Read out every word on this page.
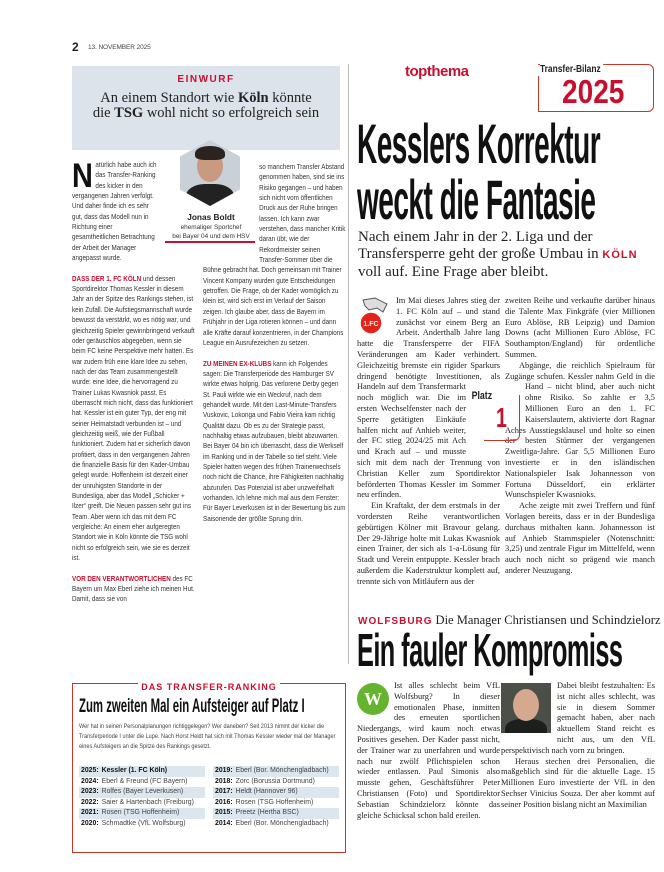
2 13. NOVEMBER 2025
EINWURF
An einem Standort wie Köln könnte
die TSG wohl nicht so erfolgreich sein
Jonas Boldt
ehemaliger Sportchef
bei Bayer 04 und dem HSV

Natürlich habe auch ich das Transfer-Ranking des kicker in den vergangenen Jahren verfolgt. Und daher finde ich es sehr gut, dass das Modell nun in Richtung einer gesamtheitlichen Betrachtung der Arbeit der Manager angepasst wurde.

DASS DER 1. FC KÖLN und dessen Sportdirektor Thomas Kessler in diesem Jahr an der Spitze des Rankings stehen, ist kein Zufall. Die Aufstiegsmannschaft wurde bewusst da verstärkt, wo es nötig war, und gleichzeitig Spieler gewinnbringend verkauft oder geräuschlos abgegeben, wenn sie beim FC keine Perspektive mehr hatten. Es war zudem früh eine klare Idee zu sehen, nach der das Team zusammengestellt wurde: eine Idee, die hervorragend zu Trainer Lukas Kwasniok passt. Es überrascht mich nicht, dass das funktioniert hat. Kessler ist ein guter Typ, der eng mit seiner Heimatstadt verbunden ist – und gleichzeitig weiß, wie der Fußball funktioniert. Zudem hat er sicherlich davon profitiert, dass in den vergangenen Jahren die finanzielle Basis für den Kader-Umbau gelegt wurde. Hoffenheim ist derzeit einer der unruhigsten Standorte in der Bundesliga, aber das Modell „Schicker + Ilzer“ greift. Die Neuen passen sehr gut ins Team. Aber wenn ich das mit dem FC vergleiche: An einem eher aufgeregten Standort wie in Köln könnte die TSG wohl nicht so erfolgreich sein, wie sie es derzeit ist.

VOR DEN VERANTWORTLICHEN des FC Bayern um Max Eberl ziehe ich meinen Hut. Damit, dass sie von

so manchem Transfer Abstand genommen haben, sind sie ins Risiko gegangen – und haben sich nicht vom öffentlichen Druck aus der Ruhe bringen lassen. Ich kann zwar verstehen, dass mancher Kritik daran übt, wie der Rekordmeister seinen Transfer-Sommer über die Bühne gebracht hat. Doch gemeinsam mit Trainer Vincent Kompany wurden gute Entscheidungen getroffen. Die Frage, ob der Kader womöglich zu klein ist, wird sich erst im Verlauf der Saison zeigen. Ich glaube aber, dass die Bayern im Frühjahr in der Liga rotieren können – und dann alle Kräfte darauf konzentrieren, in der Champions League ein Ausrufezeichen zu setzen.

ZU MEINEN EX-KLUBS kann ich Folgendes sagen: Die Transferperiode des Hamburger SV wirkte etwas holprig. Das verlorene Derby gegen St. Pauli wirkte wie ein Weckruf, nach dem gehandelt wurde. Mit den Last-Minute-Transfers Vuskovic, Lokonga und Fabio Vieira kam richtig Qualität dazu. Ob es zu der Strategie passt, nachhaltig etwas aufzubauen, bleibt abzuwarten. Bei Bayer 04 bin ich überrascht, dass die Werkself im Ranking und in der Tabelle so tief steht. Viele Spieler hatten wegen des frühen Trainerwechsels noch nicht die Chance, ihre Fähigkeiten nachhaltig abzurufen. Das Potenzial ist aber unzweifelhaft vorhanden. Ich lehne mich mal aus dem Fenster: Für Bayer Leverkusen ist in der Bewertung bis zum Saisonende der größte Sprung drin.

DAS TRANSFER-RANKING
Zum zweiten Mal ein Aufsteiger auf Platz I
Wer hat in seinen Personalplanungen richtiggelegen? Wer daneben? Seit 2013 nimmt der kicker die Transferperiode I unter die Lupe. Nach Horst Heldt hat sich mit Thomas Kessler wieder mal der Manager eines Aufsteigers an die Spitze des Rankings gesetzt.
2025: Kessler (1. FC Köln)
2024: Eberl & Freund (FC Bayern)
2023: Rolfes (Bayer Leverkusen)
2022: Saier & Hartenbach (Freiburg)
2021: Rosen (TSG Hoffenheim)
2020: Schmadtke (VfL Wolfsburg)
2019: Eberl (Bor. Mönchengladbach)
2018: Zorc (Borussia Dortmund)
2017: Heldt (Hannover 96)
2016: Rosen (TSG Hoffenheim)
2015: Preetz (Hertha BSC)
2014: Eberl (Bor. Mönchengladbach)
topthema	Transfer-Bilanz
2025
Kesslers Korrektur
weckt die Fantasie
Nach einem Jahr in der 2. Liga und der Transfersperre geht der große Umbau in KÖLN voll auf. Eine Frage aber bleibt.

1.FC
Im Mai dieses Jahres stieg der 1. FC Köln auf – und stand zunächst vor einem Berg an Arbeit. Anderthalb Jahre lang hatte die Transfersperre der FIFA Veränderungen am Kader verhindert. Gleichzeitig bremste ein rigider Sparkurs dringend benötigte Investitionen, als Handeln auf dem
Transfermarkt noch möglich war. Die im ersten Wechselfenster nach der Sperre getätigten Einkäufe halfen nicht auf Anhieb weiter, der FC stieg 2024/25 mit Ach und Krach auf – und musste sich mit dem nach der Trennung von Christian Keller zum Sportdirektor beförderten Thomas Kessler im Sommer neu erfinden.

Ein Kraftakt, der dem erstmals in der vordersten Reihe verantwortlichen gebürtigen Kölner mit Bravour gelang. Der 29-Jährige holte mit Lukas Kwasniok einen Trainer, der sich als 1-a-Lösung für Stadt und Verein entpuppte. Kessler brach außerdem die Kaderstruktur komplett auf, trennte sich von Mitläufern aus der

zweiten Reihe und verkaufte darüber hinaus die Talente Max Finkgräfe (vier Millionen Euro Ablöse, RB Leipzig) und Damion Downs (acht Millionen Euro Ablöse, FC Southampton/England) für ordentliche Summen.

Abgänge, die reichlich Spielraum für Zugänge schufen. Kessler nahm Geld in die Hand – nicht blind,
aber auch nicht ohne Risiko. So zahlte er 3,5 Millionen Euro an den 1. FC Kaiserslautern, aktivierte dort Ragnar Aches Ausstiegsklausel und holte so einen der besten Stürmer der vergangenen Zweitliga-Jahre. Gar 5,5 Millionen Euro investierte er in den isländischen Nationalspieler Isak Johannesson von Fortuna Düsseldorf, ein erklärter Wunschspieler Kwasnioks.

Ache zeigte mit zwei Treffern und fünf Vorlagen bereits, dass er in der Bundesliga durchaus mithalten kann. Johannesson ist auf Anhieb Stammspieler (Notenschnitt: 3,25) und zentrale Figur im Mittelfeld, wenn auch noch nicht so prägend wie manch anderer Neuzugang.

Platz
1
WOLFSBURG Die Manager Christiansen und Schindzielorz
Ein fauler Kompromiss

W
Ist alles schlecht beim VfL Wolfsburg? In dieser emotionalen Phase, inmitten des erneuten sportlichen Niedergangs, wird kaum noch etwas Positives gesehen. Der Kader passt nicht, der Trainer war zu unerfahren und wurde nach nur zwölf Pflichtspielen schon wieder entlassen. Paul Simonis also musste gehen, Geschäftsführer Peter Christiansen (Foto) und Sportdirektor Sebastian Schindzielorz könnte das gleiche Schicksal schon bald ereilen.

Dabei bleibt festzuhalten: Es ist nicht alles schlecht, was sie in diesem Sommer gemacht haben, aber nach aktuellem Stand reicht es nicht aus, um den VfL perspektivisch nach vorn zu bringen.

Heraus stechen drei Personalien, die maßgeblich sind für die aktuelle Lage. 15 Millionen Euro investierte der VfL in den Sechser Vinicius Souza. Der aber kommt auf seiner Position bislang nicht an Maximilian
